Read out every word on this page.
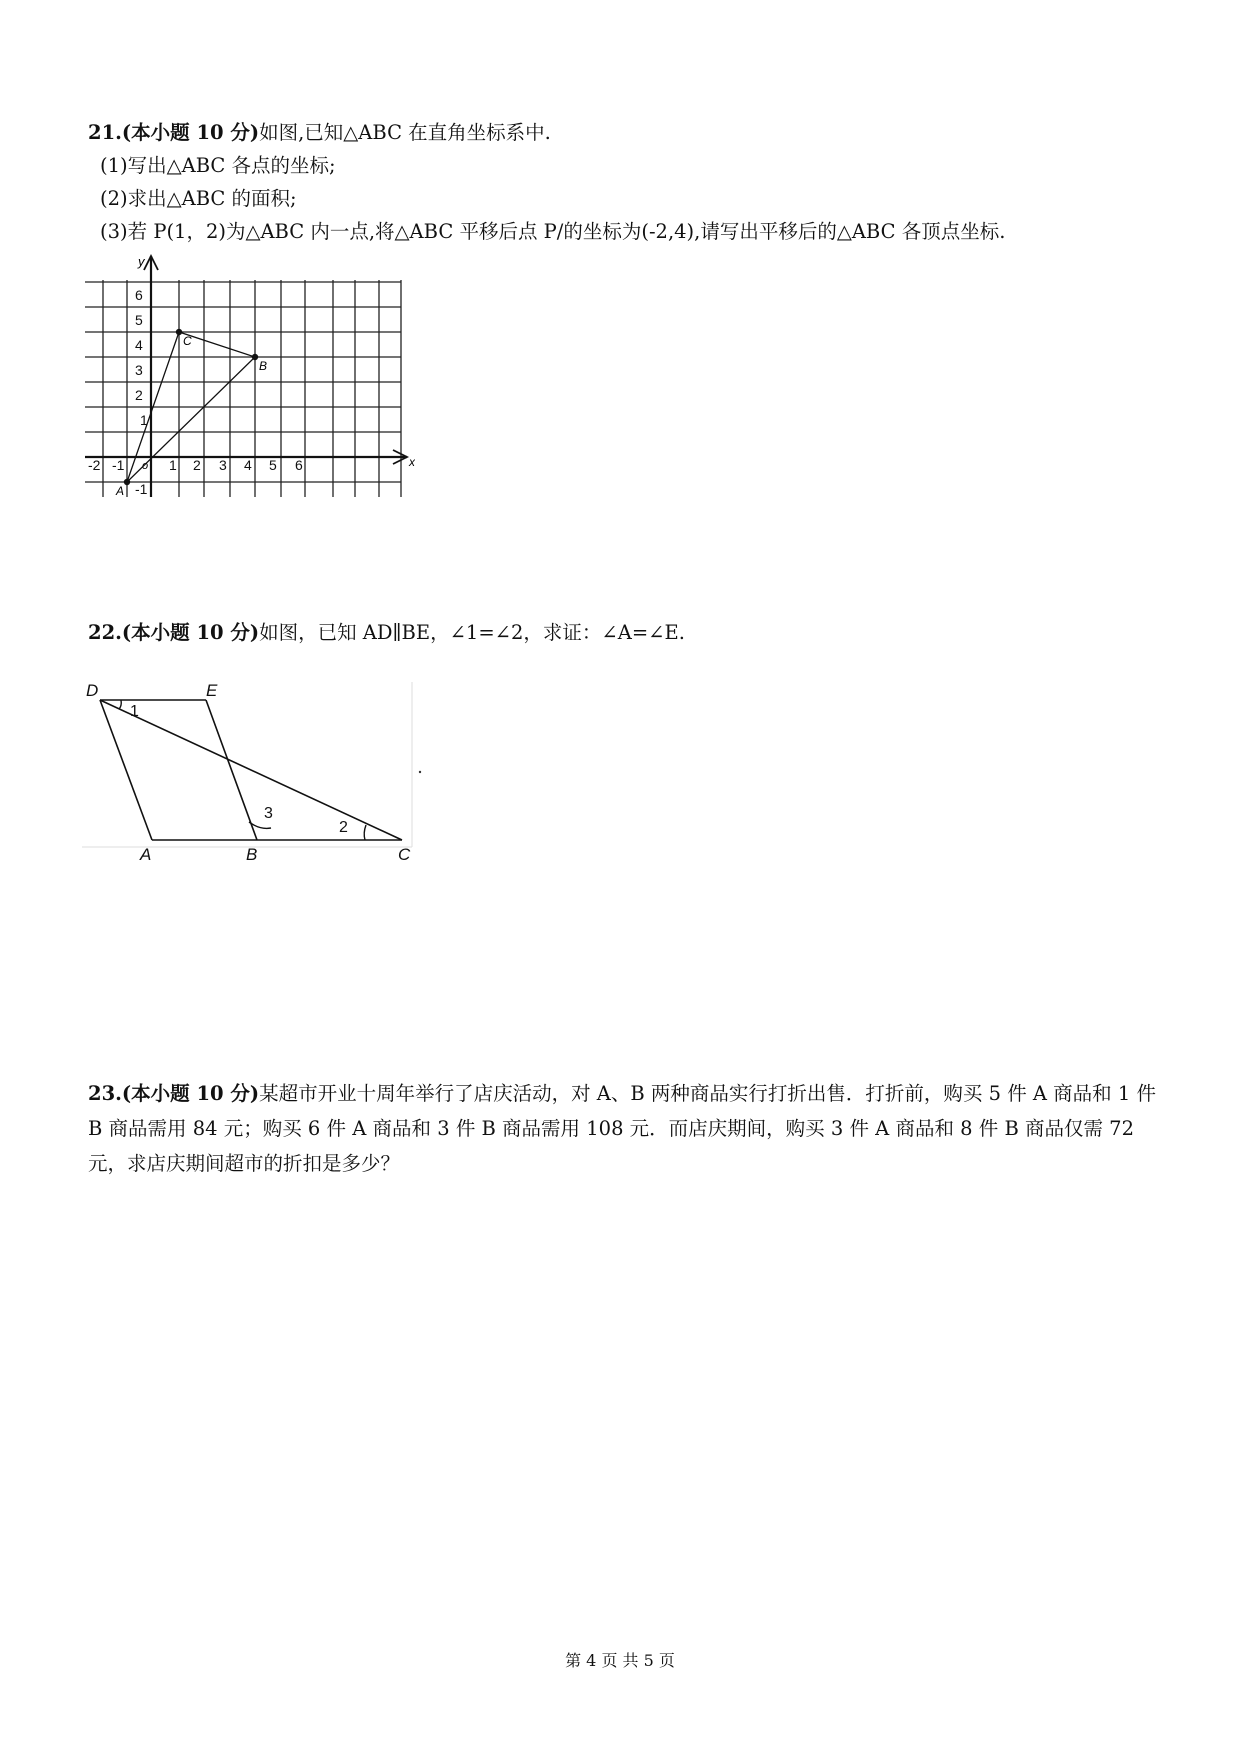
21.(本小题 10 分)如图,已知△ABC 在直角坐标系中.
(1)写出△ABC 各点的坐标;
(2)求出△ABC 的面积;
(3)若 P(1，2)为△ABC 内一点,将△ABC 平移后点 P/的坐标为(-2,4),请写出平移后的△ABC 各顶点坐标.
y
x
o
-2 -1	1 2 3 4 5 6
6
5
4
3
2
1
-1
A
B
C
22.(本小题 10 分)如图，已知 AD∥BE，∠1=∠2，求证：∠A=∠E.
D	E
A	B	C
1
2
3
23.(本小题 10 分)某超市开业十周年举行了店庆活动，对 A、B 两种商品实行打折出售．打折前，购买 5 件 A 商品和 1 件 B 商品需用 84 元；购买 6 件 A 商品和 3 件 B 商品需用 108 元．而店庆期间，购买 3 件 A 商品和 8 件 B 商品仅需 72 元，求店庆期间超市的折扣是多少？
第 4 页 共 5 页
